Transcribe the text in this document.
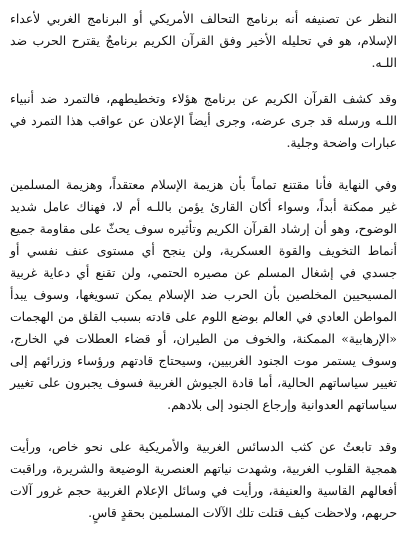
النظر عن تصنيفه أنه برنامج التحالف الأمريكي أو البرنامج الغربي لأعداء الإسلام، هو في تحليله الأخير وفق القرآن الكريم برنامجٌ يقترح الحرب ضد اللـه.

وقد كشف القرآن الكريم عن برنامج هؤلاء وتخطيطهم، فالتمرد ضد أنبياء اللـه ورسله قد جرى عرضه، وجرى أيضاً الإعلان عن عواقب هذا التمرد في عبارات واضحة وجلية.

وفي النهاية فأنا مقتنع تماماً بأن هزيمة الإسلام معتقداً، وهزيمة المسلمين غير ممكنة أبداً، وسواء أكان القارئ يؤمن باللـه أم لا، فهناك عامل شديد الوضوح، وهو أن إرشاد القرآن الكريم وتأثيره سوف يحثّ على مقاومة جميع أنماط التخويف والقوة العسكرية، ولن ينجح أي مستوى عنف نفسي أو جسدي في إشغال المسلم عن مصيره الحتمي، ولن تقنع أي دعاية غربية المسيحيين المخلصين بأن الحرب ضد الإسلام يمكن تسويغها، وسوف يبدأ المواطن العادي في العالم بوضع اللوم على قادته بسبب القلق من الهجمات «الإرهابية» الممكنة، والخوف من الطيران، أو قضاء العطلات في الخارج، وسوف يستمر موت الجنود الغربيين، وسيحتاج قادتهم ورؤساء وزرائهم إلى تغيير سياساتهم الحالية، أما قادة الجيوش الغربية فسوف يجبرون على تغيير سياساتهم العدوانية وإرجاع الجنود إلى بلادهم.

وقد تابعتُ عن كثب الدسائس الغربية والأمريكية على نحو خاص، ورأيت همجية القلوب الغربية، وشهدت نياتهم العنصرية الوضيعة والشريرة، وراقبت أفعالهم القاسية والعنيفة، ورأيت في وسائل الإعلام الغربية حجم غرور آلات حربهم، ولاحظت كيف قتلت تلك الآلات المسلمين بحقدٍ قاسٍ.
